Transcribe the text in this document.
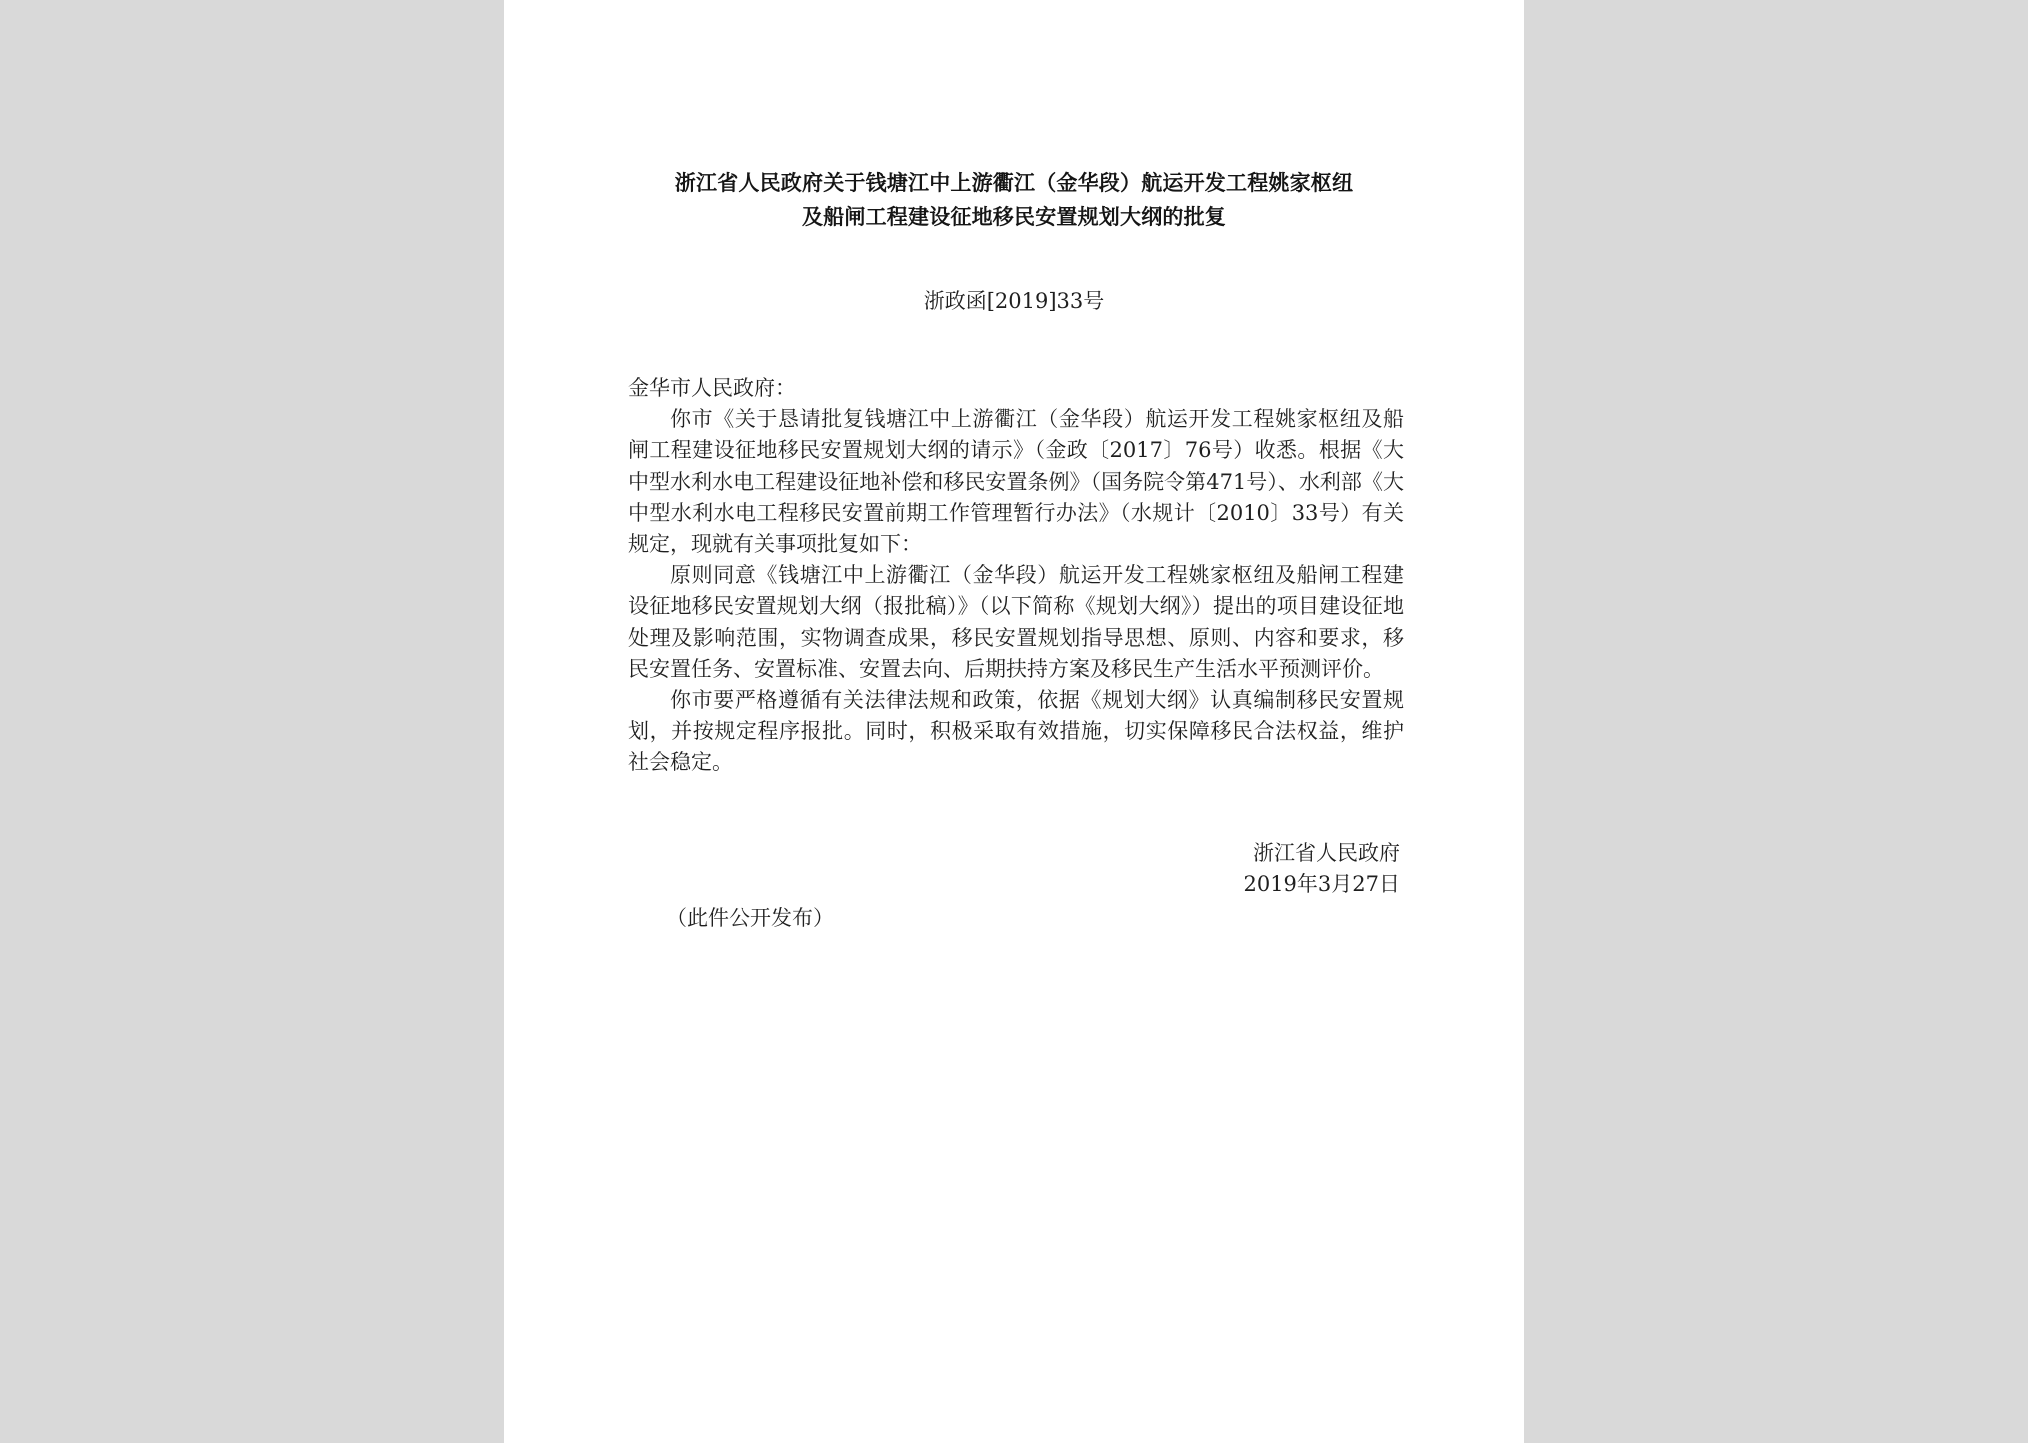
浙江省人民政府关于钱塘江中上游衢江（金华段）航运开发工程姚家枢纽
及船闸工程建设征地移民安置规划大纲的批复
浙政函[2019]33号

金华市人民政府：

你市《关于恳请批复钱塘江中上游衢江（金华段）航运开发工程姚家枢纽及船闸工程建设征地移民安置规划大纲的请示》（金政〔2017〕76号）收悉。根据《大中型水利水电工程建设征地补偿和移民安置条例》（国务院令第471号）、水利部《大中型水利水电工程移民安置前期工作管理暂行办法》（水规计〔2010〕33号）有关规定，现就有关事项批复如下：

原则同意《钱塘江中上游衢江（金华段）航运开发工程姚家枢纽及船闸工程建设征地移民安置规划大纲（报批稿）》（以下简称《规划大纲》）提出的项目建设征地处理及影响范围，实物调查成果，移民安置规划指导思想、原则、内容和要求，移民安置任务、安置标准、安置去向、后期扶持方案及移民生产生活水平预测评价。

你市要严格遵循有关法律法规和政策，依据《规划大纲》认真编制移民安置规划，并按规定程序报批。同时，积极采取有效措施，切实保障移民合法权益，维护社会稳定。

浙江省人民政府
2019年3月27日
（此件公开发布）
